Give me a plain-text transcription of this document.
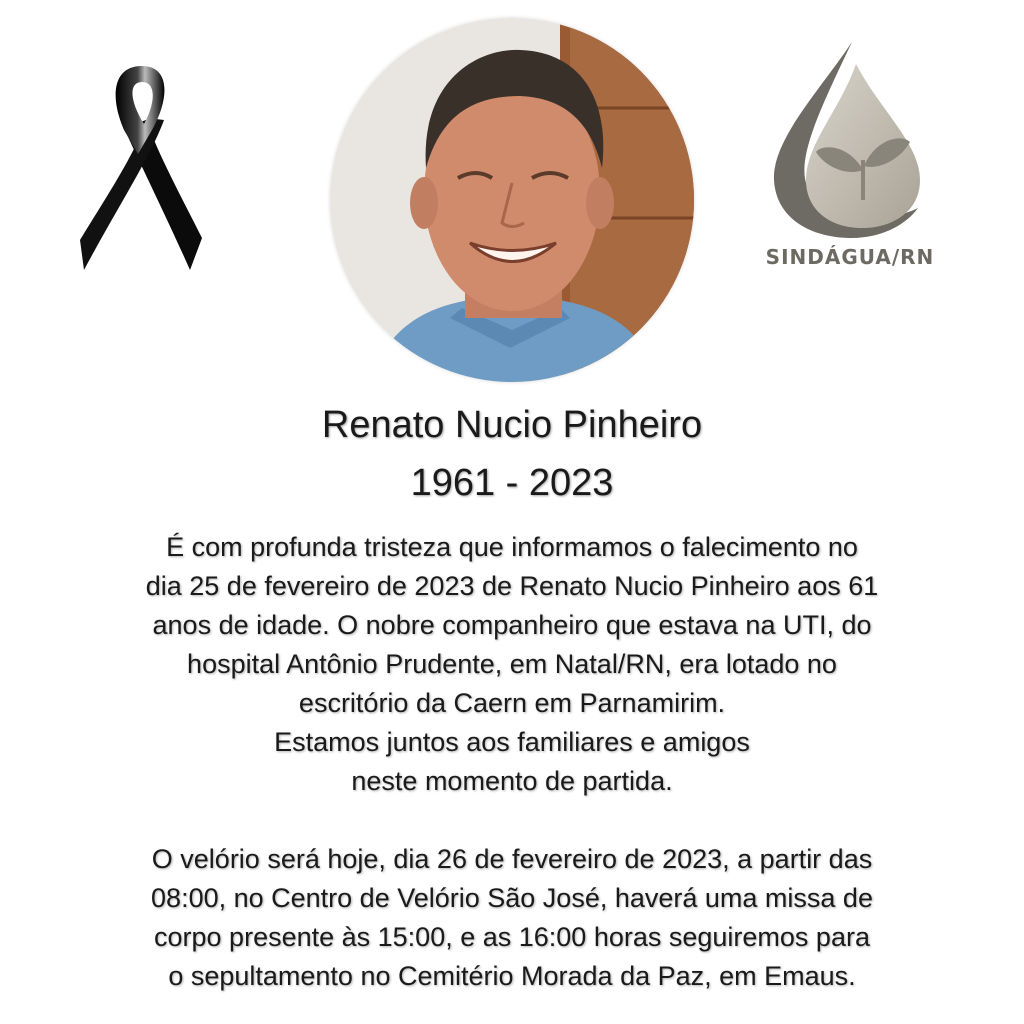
SINDÁGUA/RN
Renato Nucio Pinheiro
1961 - 2023
É com profunda tristeza que informamos o falecimento no
dia 25 de fevereiro de 2023 de Renato Nucio Pinheiro aos 61
anos de idade. O nobre companheiro que estava na UTI, do
hospital Antônio Prudente, em Natal/RN, era lotado no
escritório da Caern em Parnamirim.
Estamos juntos aos familiares e amigos
neste momento de partida.
O velório será hoje, dia 26 de fevereiro de 2023, a partir das
08:00, no Centro de Velório São José, haverá uma missa de
corpo presente às 15:00, e as 16:00 horas seguiremos para
o sepultamento no Cemitério Morada da Paz, em Emaus.
